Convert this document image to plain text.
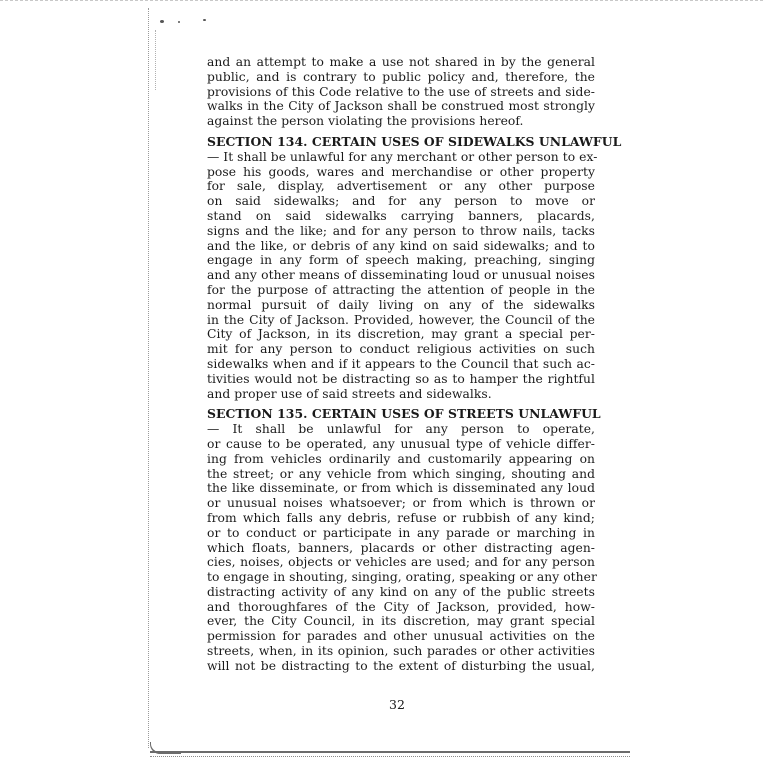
and an attempt to make a use not shared in by the general
public, and is contrary to public policy and, therefore, the
provisions of this Code relative to the use of streets and side-
walks in the City of Jackson shall be construed most strongly
against the person violating the provisions hereof.
SECTION 134. CERTAIN USES OF SIDEWALKS UNLAWFUL
— It shall be unlawful for any merchant or other person to ex-
pose his goods, wares and merchandise or other property
for sale, display, advertisement or any other purpose
on said sidewalks; and for any person to move or
stand on said sidewalks carrying banners, placards,
signs and the like; and for any person to throw nails, tacks
and the like, or debris of any kind on said sidewalks; and to
engage in any form of speech making, preaching, singing
and any other means of disseminating loud or unusual noises
for the purpose of attracting the attention of people in the
normal pursuit of daily living on any of the sidewalks
in the City of Jackson. Provided, however, the Council of the
City of Jackson, in its discretion, may grant a special per-
mit for any person to conduct religious activities on such
sidewalks when and if it appears to the Council that such ac-
tivities would not be distracting so as to hamper the rightful
and proper use of said streets and sidewalks.
SECTION 135. CERTAIN USES OF STREETS UNLAWFUL
— It shall be unlawful for any person to operate,
or cause to be operated, any unusual type of vehicle differ-
ing from vehicles ordinarily and customarily appearing on
the street; or any vehicle from which singing, shouting and
the like disseminate, or from which is disseminated any loud
or unusual noises whatsoever; or from which is thrown or
from which falls any debris, refuse or rubbish of any kind;
or to conduct or participate in any parade or marching in
which floats, banners, placards or other distracting agen-
cies, noises, objects or vehicles are used; and for any person
to engage in shouting, singing, orating, speaking or any other
distracting activity of any kind on any of the public streets
and thoroughfares of the City of Jackson, provided, how-
ever, the City Council, in its discretion, may grant special
permission for parades and other unusual activities on the
streets, when, in its opinion, such parades or other activities
will not be distracting to the extent of disturbing the usual,
32
